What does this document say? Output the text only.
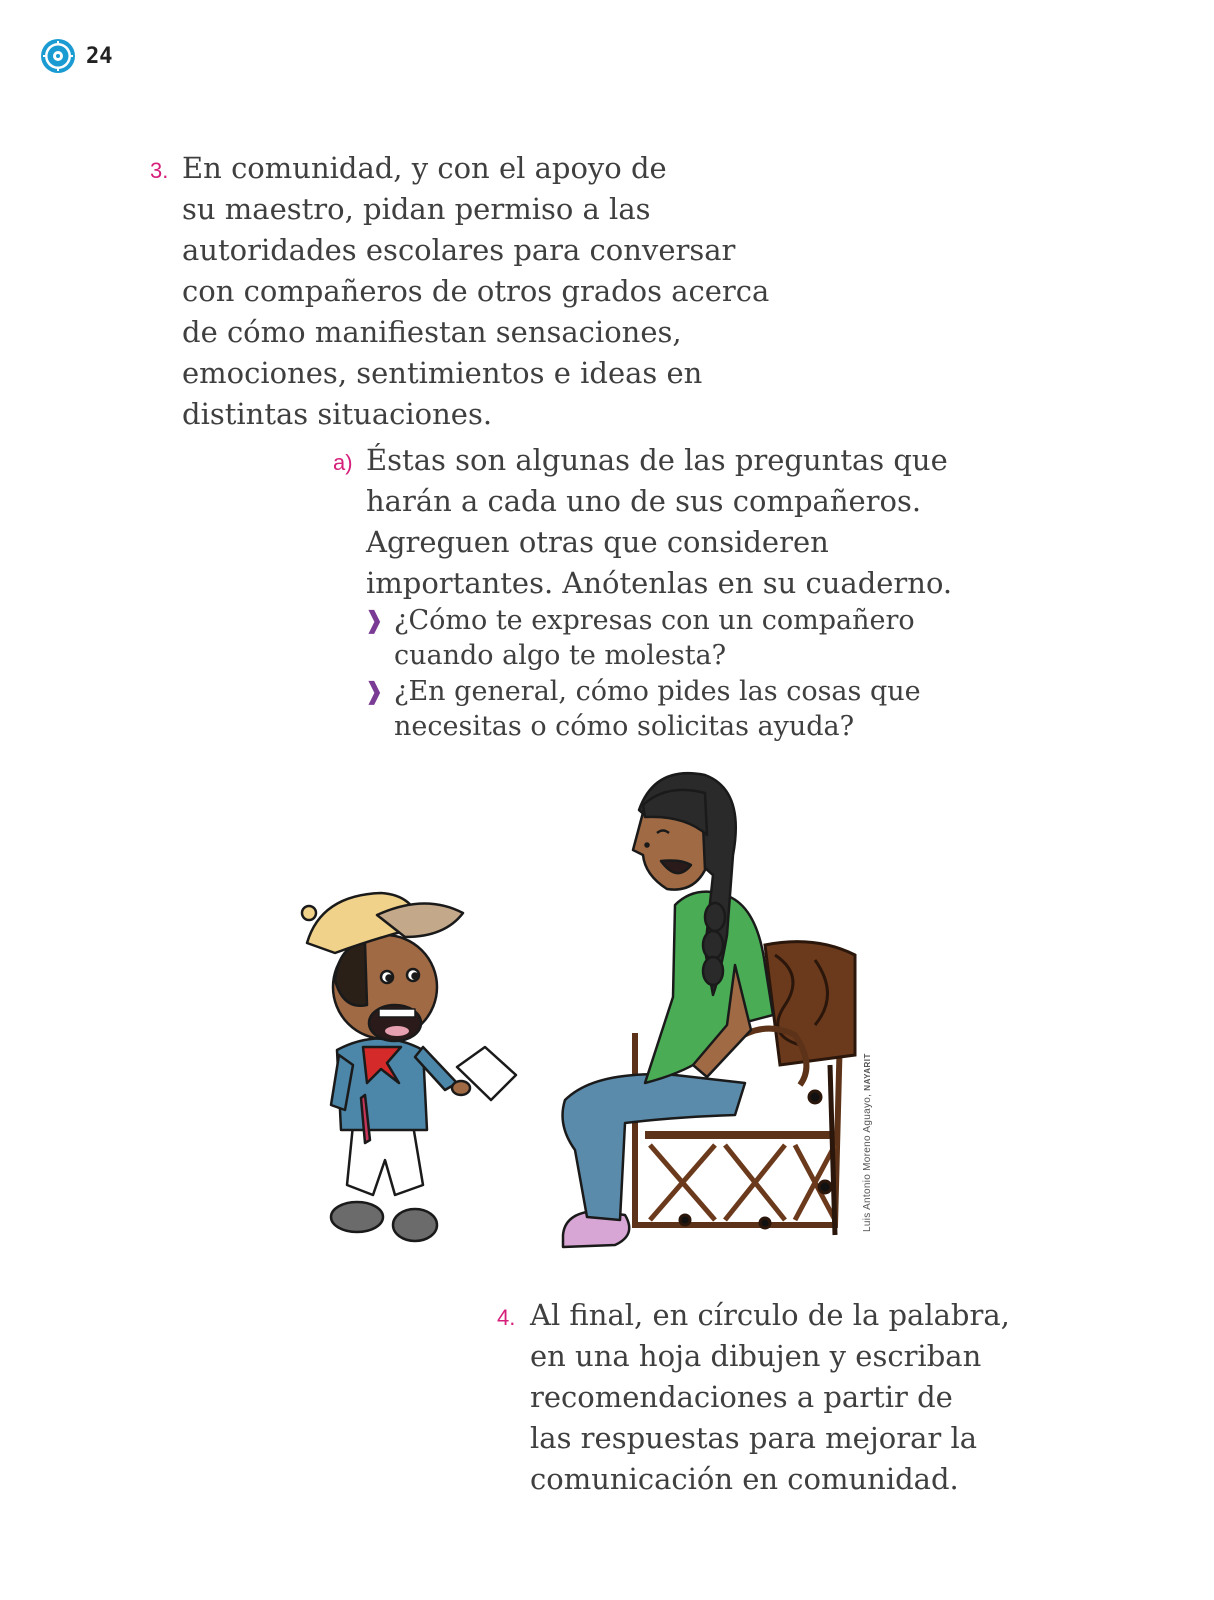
24
3. En comunidad, y con el apoyo de
su maestro, pidan permiso a las
autoridades escolares para conversar
con compañeros de otros grados acerca
de cómo manifiestan sensaciones,
emociones, sentimientos e ideas en
distintas situaciones.
a) Éstas son algunas de las preguntas que
harán a cada uno de sus compañeros.
Agreguen otras que consideren
importantes. Anótenlas en su cuaderno.
❱ ¿Cómo te expresas con un compañero
cuando algo te molesta?
❱ ¿En general, cómo pides las cosas que
necesitas o cómo solicitas ayuda?
Luis Antonio Moreno Aguayo, NAYARIT
4. Al final, en círculo de la palabra,
en una hoja dibujen y escriban
recomendaciones a partir de
las respuestas para mejorar la
comunicación en comunidad.
